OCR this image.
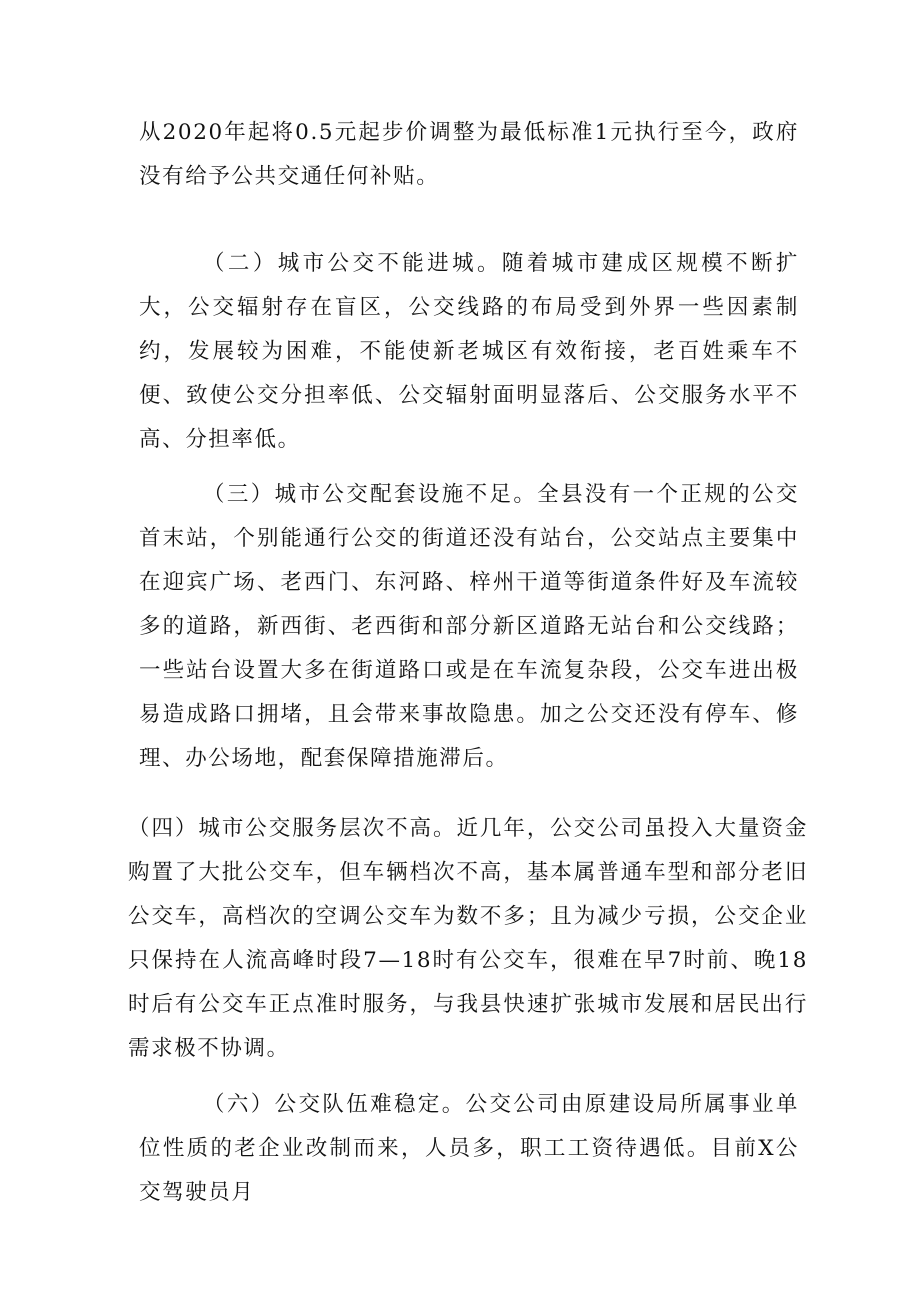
从2020年起将0.5元起步价调整为最低标准1元执行至今，政府没有给予公共交通任何补贴。

（二）城市公交不能进城。随着城市建成区规模不断扩大，公交辐射存在盲区，公交线路的布局受到外界一些因素制约，发展较为困难，不能使新老城区有效衔接，老百姓乘车不便、致使公交分担率低、公交辐射面明显落后、公交服务水平不高、分担率低。

（三）城市公交配套设施不足。全县没有一个正规的公交首末站，个别能通行公交的街道还没有站台，公交站点主要集中在迎宾广场、老西门、东河路、梓州干道等街道条件好及车流较多的道路，新西街、老西街和部分新区道路无站台和公交线路；一些站台设置大多在街道路口或是在车流复杂段，公交车进出极易造成路口拥堵，且会带来事故隐患。加之公交还没有停车、修理、办公场地，配套保障措施滞后。

（四）城市公交服务层次不高。近几年，公交公司虽投入大量资金购置了大批公交车，但车辆档次不高，基本属普通车型和部分老旧公交车，高档次的空调公交车为数不多；且为减少亏损，公交企业只保持在人流高峰时段7—18时有公交车，很难在早7时前、晚18时后有公交车正点准时服务，与我县快速扩张城市发展和居民出行需求极不协调。

（六）公交队伍难稳定。公交公司由原建设局所属事业单位性质的老企业改制而来，人员多，职工工资待遇低。目前X公交驾驶员月
